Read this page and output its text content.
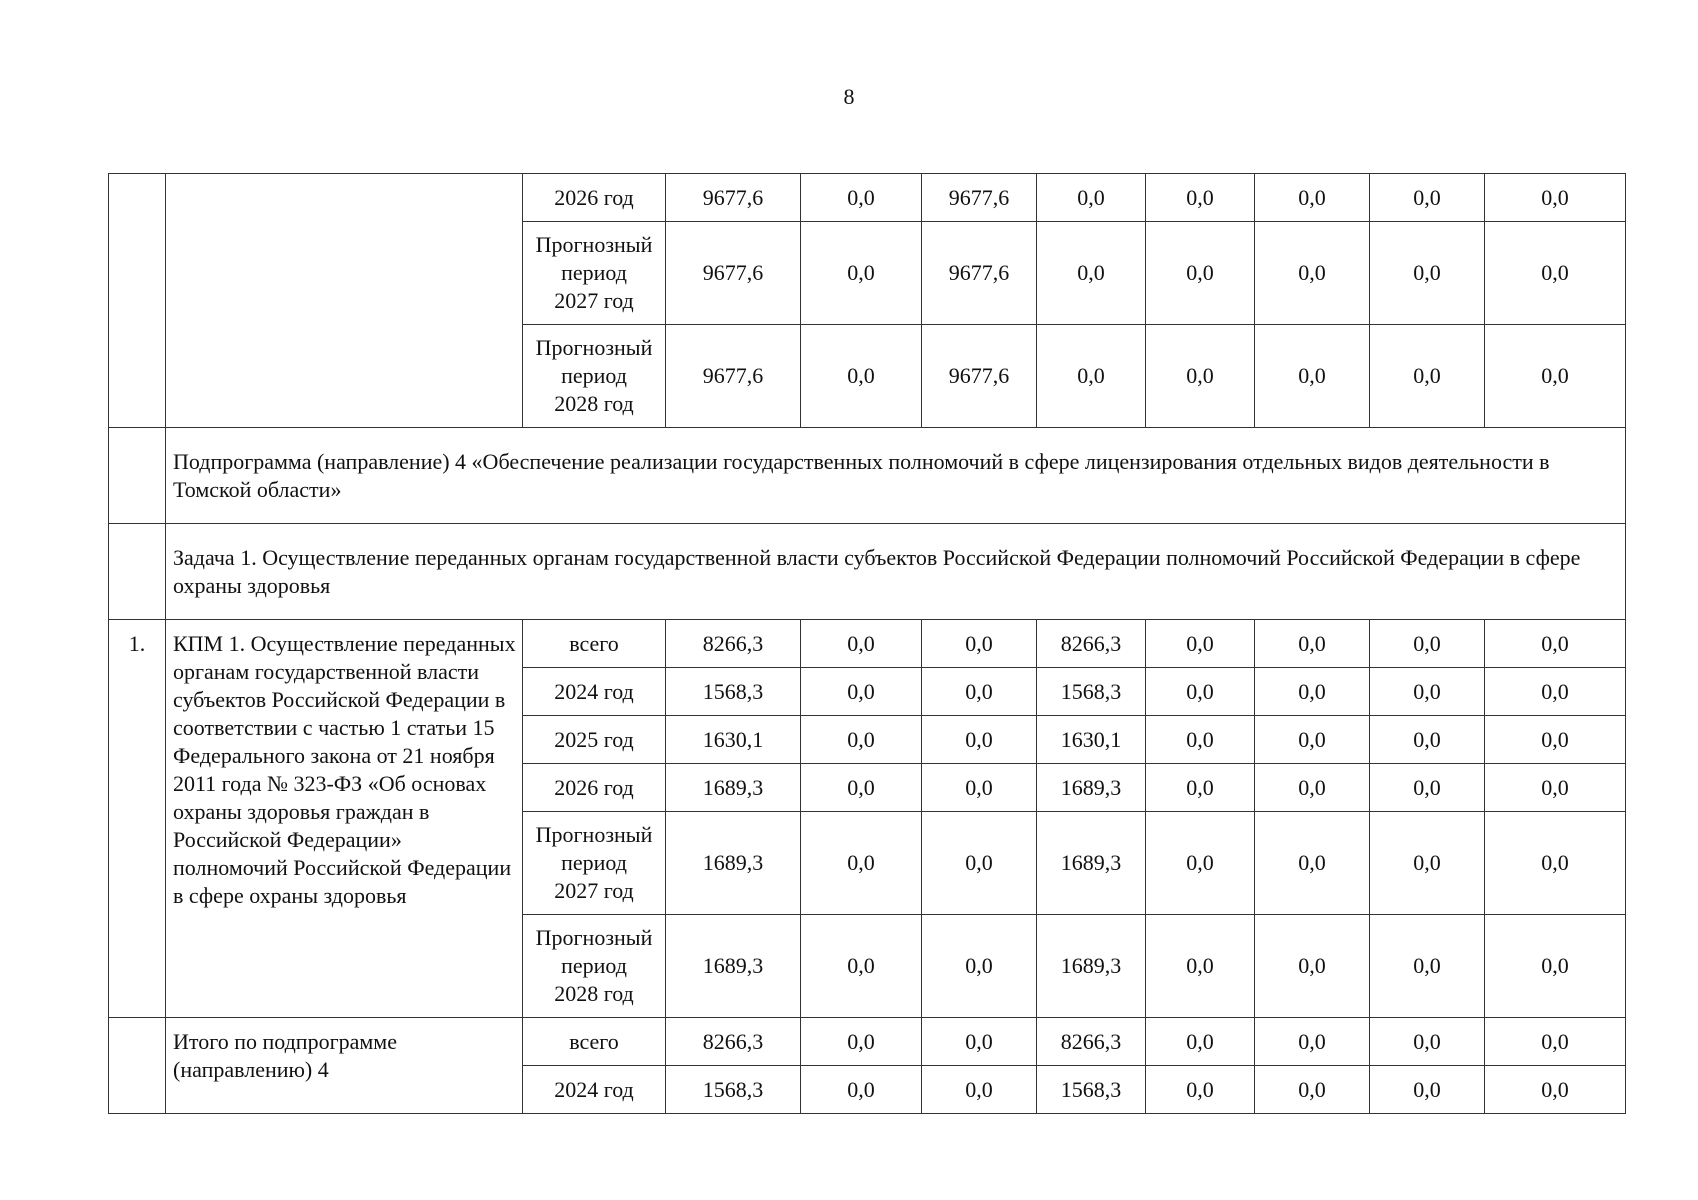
8

		2026 год	9677,6	0,0	9677,6	0,0	0,0	0,0	0,0	0,0

		Прогнозный
период
2027 год	9677,6	0,0	9677,6	0,0	0,0	0,0	0,0	0,0

		Прогнозный
период
2028 год	9677,6	0,0	9677,6	0,0	0,0	0,0	0,0	0,0
	Подпрограмма (направление) 4 «Обеспечение реализации государственных полномочий в сфере лицензирования отдельных видов деятельности в Томской области»									
	Задача 1. Осуществление переданных органам государственной власти субъектов Российской Федерации полномочий Российской Федерации в сфере охраны здоровья									
1.	КПМ 1. Осуществление переданных органам государственной власти субъектов Российской Федерации в соответствии с частью 1 статьи 15 Федерального закона от 21 ноября 2011 года № 323-ФЗ «Об основах охраны здоровья граждан в Российской Федерации» полномочий Российской Федерации в сфере охраны здоровья	всего	8266,3	0,0	0,0	8266,3	0,0	0,0	0,0	0,0

		2024 год	1568,3	0,0	0,0	1568,3	0,0	0,0	0,0	0,0

		2025 год	1630,1	0,0	0,0	1630,1	0,0	0,0	0,0	0,0

		2026 год	1689,3	0,0	0,0	1689,3	0,0	0,0	0,0	0,0

		Прогнозный
период
2027 год	1689,3	0,0	0,0	1689,3	0,0	0,0	0,0	0,0

		Прогнозный
период
2028 год	1689,3	0,0	0,0	1689,3	0,0	0,0	0,0	0,0
	Итого по подпрограмме (направлению) 4	всего	8266,3	0,0	0,0	8266,3	0,0	0,0	0,0	0,0

		2024 год	1568,3	0,0	0,0	1568,3	0,0	0,0	0,0	0,0
